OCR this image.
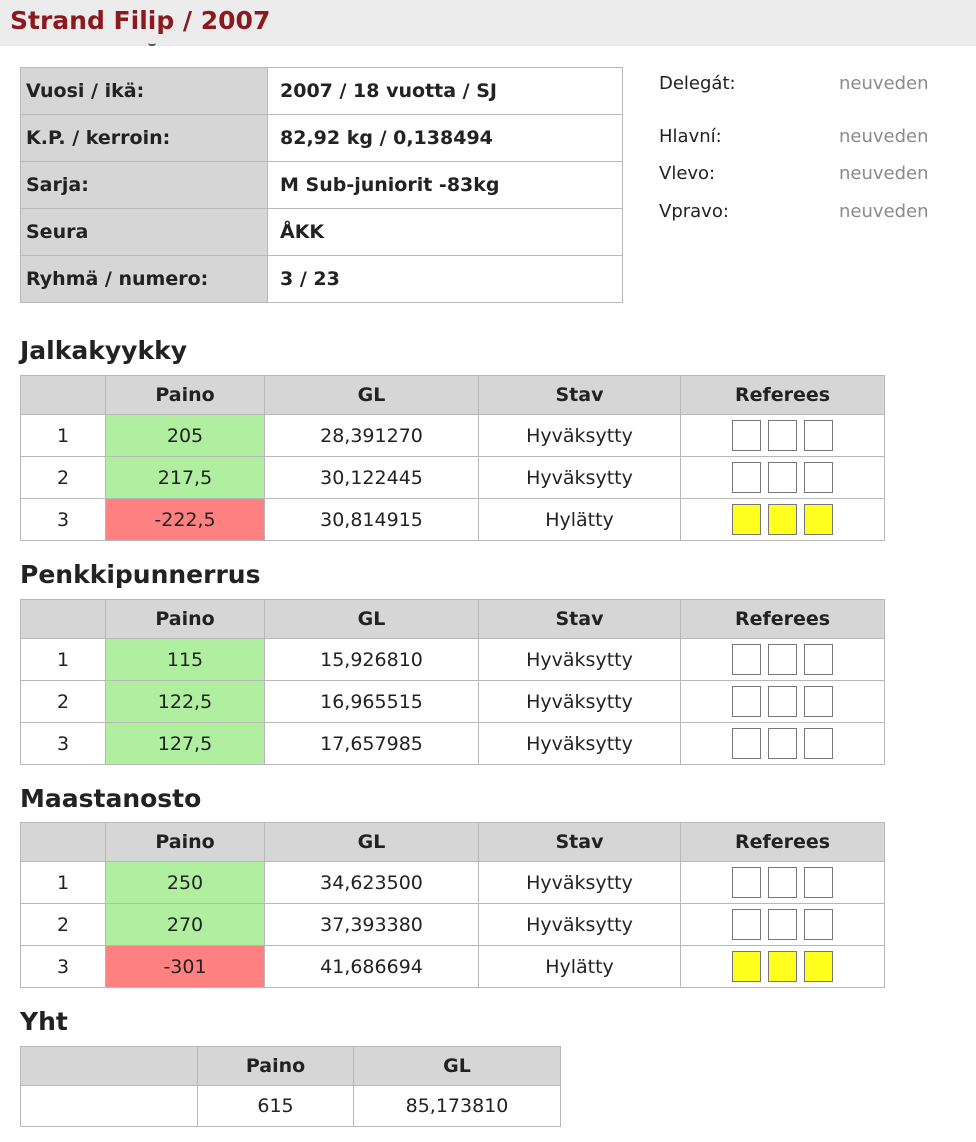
Strand Filip / 2007
Vuosi / ikä:	2007 / 18 vuotta / SJ
K.P. / kerroin:	82,92 kg / 0,138494
Sarja:	M Sub-juniorit -83kg
Seura	ÅKK
Ryhmä / numero:	3 / 23
Delegát:	neuveden
Hlavní:	neuveden
Vlevo:	neuveden
Vpravo:	neuveden
Jalkakyykky
	Paino	GL	Stav	Referees
1	205	28,391270	Hyväksytty	

2	217,5	30,122445	Hyväksytty	

3	-222,5	30,814915	Hylätty	
Penkkipunnerrus
	Paino	GL	Stav	Referees
1	115	15,926810	Hyväksytty	

2	122,5	16,965515	Hyväksytty	

3	127,5	17,657985	Hyväksytty	
Maastanosto
	Paino	GL	Stav	Referees
1	250	34,623500	Hyväksytty	

2	270	37,393380	Hyväksytty	

3	-301	41,686694	Hylätty	
Yht
	Paino	GL
	615	85,173810
